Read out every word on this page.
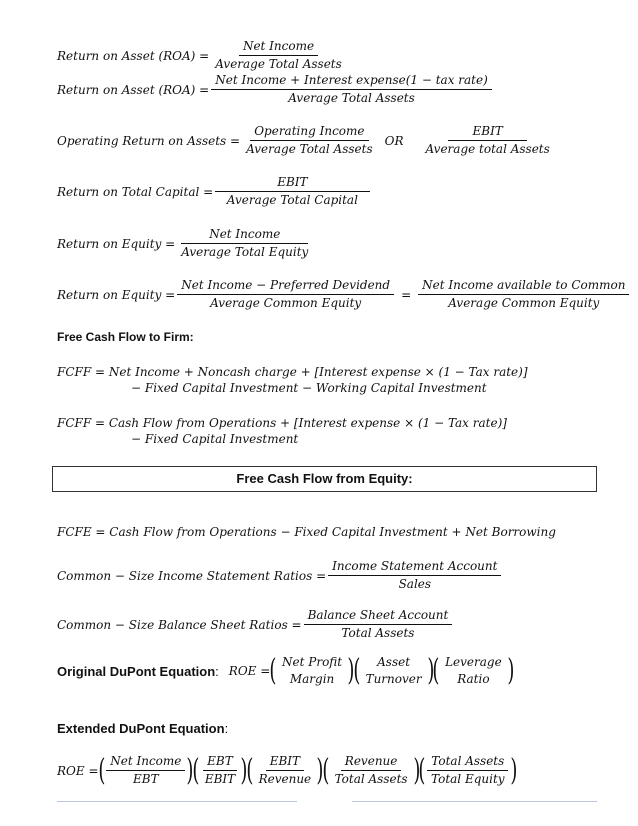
Return on Asset $(ROA) = \frac{\text{Net Income}}{\text{Average Total Assets}}$
Return on Asset $(ROA) = \frac{\text{Net Income + Interest expense(1 − tax rate)}}{\text{Average Total Assets}}$
Operating Return on Assets = $\frac{\text{Operating Income}}{\text{Average Total Assets}}$ OR $\frac{\text{EBIT}}{\text{Average total Assets}}$
Return on Total Capital = $\frac{\text{EBIT}}{\text{Average Total Capital}}$
Return on Equity = $\frac{\text{Net Income}}{\text{Average Total Equity}}$
Return on Equity = $\frac{\text{Net Income − Preferred Devidend}}{\text{Average Common Equity}} = \frac{\text{Net Income available to Common}}{\text{Average Common Equity}}$
Free Cash Flow to Firm:
FCFF = Net Income + Noncash charge + [Interest expense × (1 − Tax rate)]
− Fixed Capital Investment − Working Capital Investment
FCFF = Cash Flow from Operations + [Interest expense × (1 − Tax rate)]
− Fixed Capital Investment
Free Cash Flow from Equity:
FCFE = Cash Flow from Operations − Fixed Capital Investment + Net Borrowing
Common − Size Income Statement Ratios = $\frac{\text{Income Statement Account}}{\text{Sales}}$
Common − Size Balance Sheet Ratios = $\frac{\text{Balance Sheet Account}}{\text{Total Assets}}$
Original DuPont Equation : ROE = ( Net Profit
Margin )
(	Asset
Turnover )
( Leverage
Ratio )
Extended DuPont Equation :
ROE = ( $\frac{\text{Net Income}}{\text{EBT}}$ )
( $\frac{\text{EBT}}{\text{EBIT}}$ )
( $\frac{\text{EBIT}}{\text{Revenue}}$ )
( $\frac{\text{Revenue}}{\text{Total Assets}}$ )
( $\frac{\text{Total Assets}}{\text{Total Equity}}$ )
